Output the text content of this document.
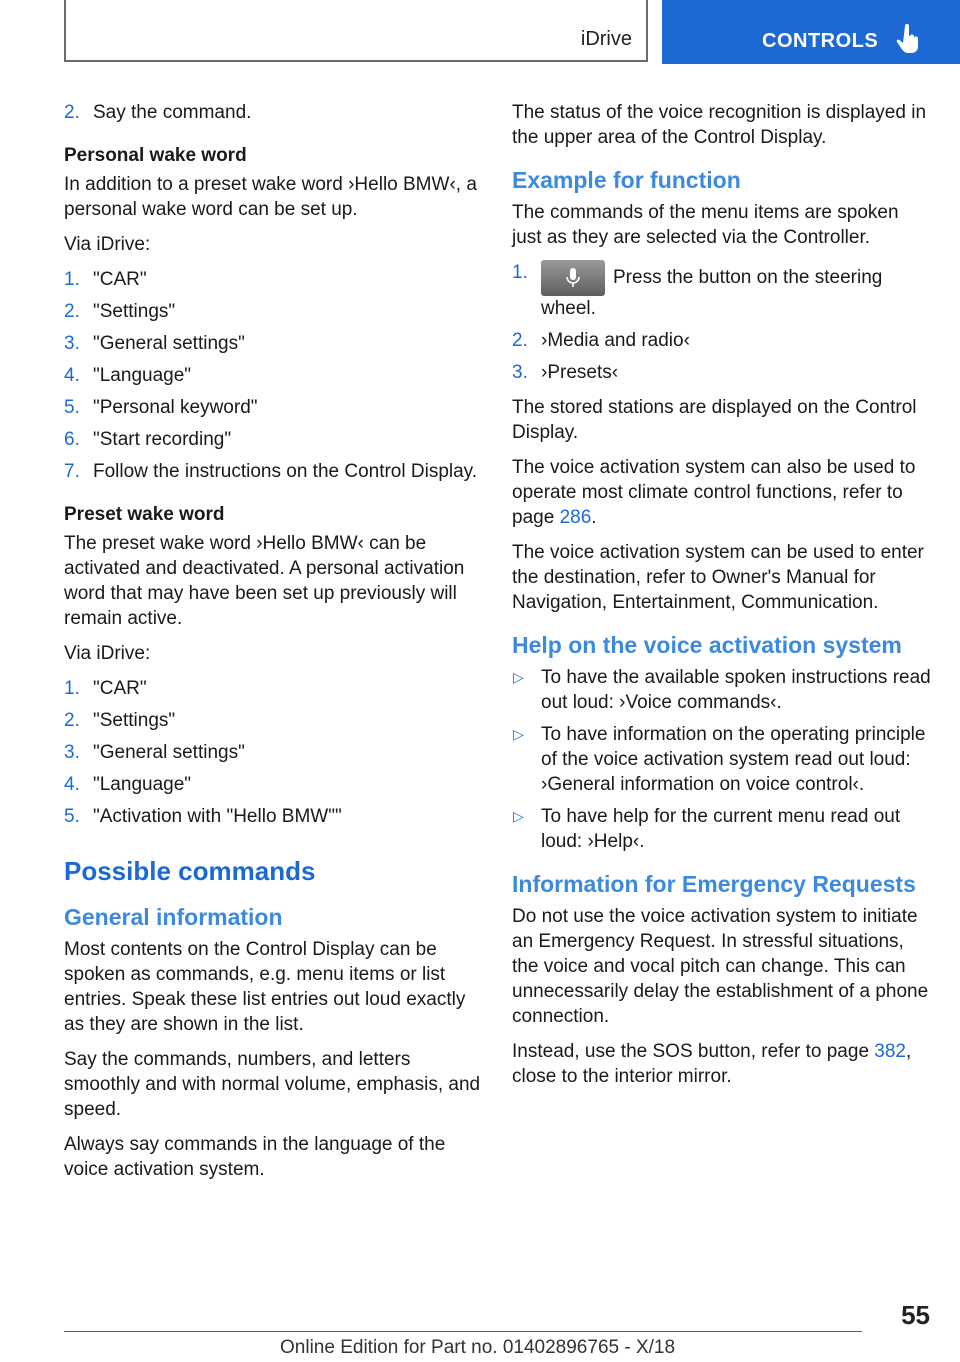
iDrive	CONTROLS
2. Say the command.
Personal wake word

In addition to a preset wake word ›Hello BMW‹, a personal wake word can be set up.

Via iDrive:

1. "CAR"
2. "Settings"
3. "General settings"
4. "Language"
5. "Personal keyword"
6. "Start recording"
7. Follow the instructions on the Control Display.
Preset wake word

The preset wake word ›Hello BMW‹ can be activated and deactivated. A personal activation word that may have been set up previously will remain active.

Via iDrive:

1. "CAR"
2. "Settings"
3. "General settings"
4. "Language"
5. "Activation with "Hello BMW""
Possible commands
General information

Most contents on the Control Display can be spoken as commands, e.g. menu items or list entries. Speak these list entries out loud exactly as they are shown in the list.

Say the commands, numbers, and letters smoothly and with normal volume, emphasis, and speed.

Always say commands in the language of the voice activation system.

The status of the voice recognition is displayed in the upper area of the Control Display.

Example for function

The commands of the menu items are spoken just as they are selected via the Controller.

1.	Press the button on the steering wheel.
2. ›Media and radio‹
3. ›Presets‹

The stored stations are displayed on the Control Display.

The voice activation system can also be used to operate most climate control functions, refer to page 286.

The voice activation system can be used to enter the destination, refer to Owner's Manual for Navigation, Entertainment, Communication.

Help on the voice activation system
▷ To have the available spoken instructions read out loud: ›Voice commands‹.
▷ To have information on the operating principle of the voice activation system read out loud: ›General information on voice control‹.
▷ To have help for the current menu read out loud: ›Help‹.
Information for Emergency Requests

Do not use the voice activation system to initiate an Emergency Request. In stressful situations, the voice and vocal pitch can change. This can unnecessarily delay the establishment of a phone connection.

Instead, use the SOS button, refer to page 382, close to the interior mirror.

55
Online Edition for Part no. 01402896765 - X/18
